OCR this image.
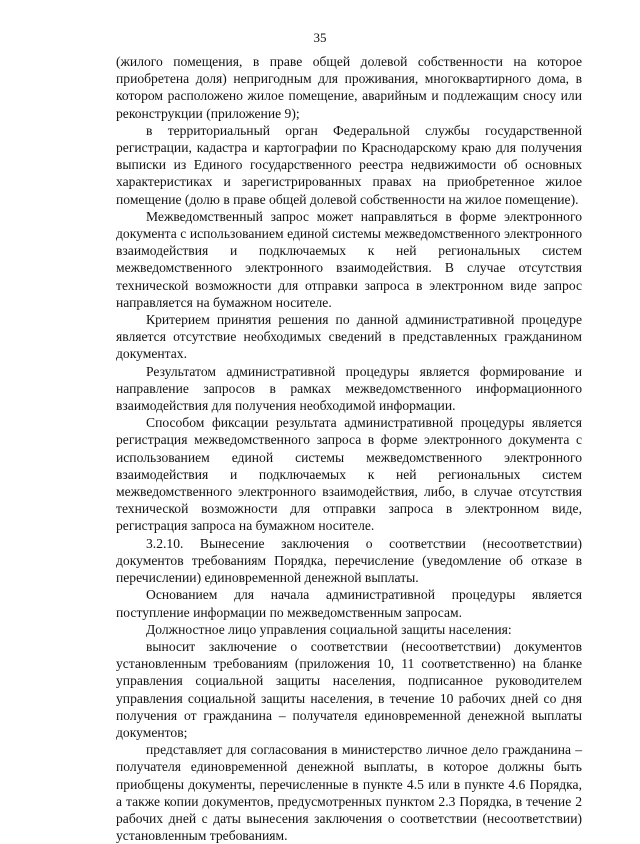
35

(жилого помещения, в праве общей долевой собственности на которое приобретена доля) непригодным для проживания, многоквартирного дома, в котором расположено жилое помещение, аварийным и подлежащим сносу или реконструкции (приложение 9);

в территориальный орган Федеральной службы государственной регистрации, кадастра и картографии по Краснодарскому краю для получения выписки из Единого государственного реестра недвижимости об основных характеристиках и зарегистрированных правах на приобретенное жилое помещение (долю в праве общей долевой собственности на жилое помещение).

Межведомственный запрос может направляться в форме электронного документа с использованием единой системы межведомственного электронного взаимодействия и подключаемых к ней региональных систем межведомственного электронного взаимодействия. В случае отсутствия технической возможности для отправки запроса в электронном виде запрос направляется на бумажном носителе.

Критерием принятия решения по данной административной процедуре является отсутствие необходимых сведений в представленных гражданином документах.

Результатом административной процедуры является формирование и направление запросов в рамках межведомственного информационного взаимодействия для получения необходимой информации.

Способом фиксации результата административной процедуры является регистрация межведомственного запроса в форме электронного документа с использованием единой системы межведомственного электронного взаимодействия и подключаемых к ней региональных систем межведомственного электронного взаимодействия, либо, в случае отсутствия технической возможности для отправки запроса в электронном виде, регистрация запроса на бумажном носителе.

3.2.10. Вынесение заключения о соответствии (несоответствии) документов требованиям Порядка, перечисление (уведомление об отказе в перечислении) единовременной денежной выплаты.

Основанием для начала административной процедуры является поступление информации по межведомственным запросам.

Должностное лицо управления социальной защиты населения:

выносит заключение о соответствии (несоответствии) документов установленным требованиям (приложения 10, 11 соответственно) на бланке управления социальной защиты населения, подписанное руководителем управления социальной защиты населения, в течение 10 рабочих дней со дня получения от гражданина – получателя единовременной денежной выплаты документов;

представляет для согласования в министерство личное дело гражданина – получателя единовременной денежной выплаты, в которое должны быть приобщены документы, перечисленные в пункте 4.5 или в пункте 4.6 Порядка, а также копии документов, предусмотренных пунктом 2.3 Порядка, в течение 2 рабочих дней с даты вынесения заключения о соответствии (несоответствии) установленным требованиям.
